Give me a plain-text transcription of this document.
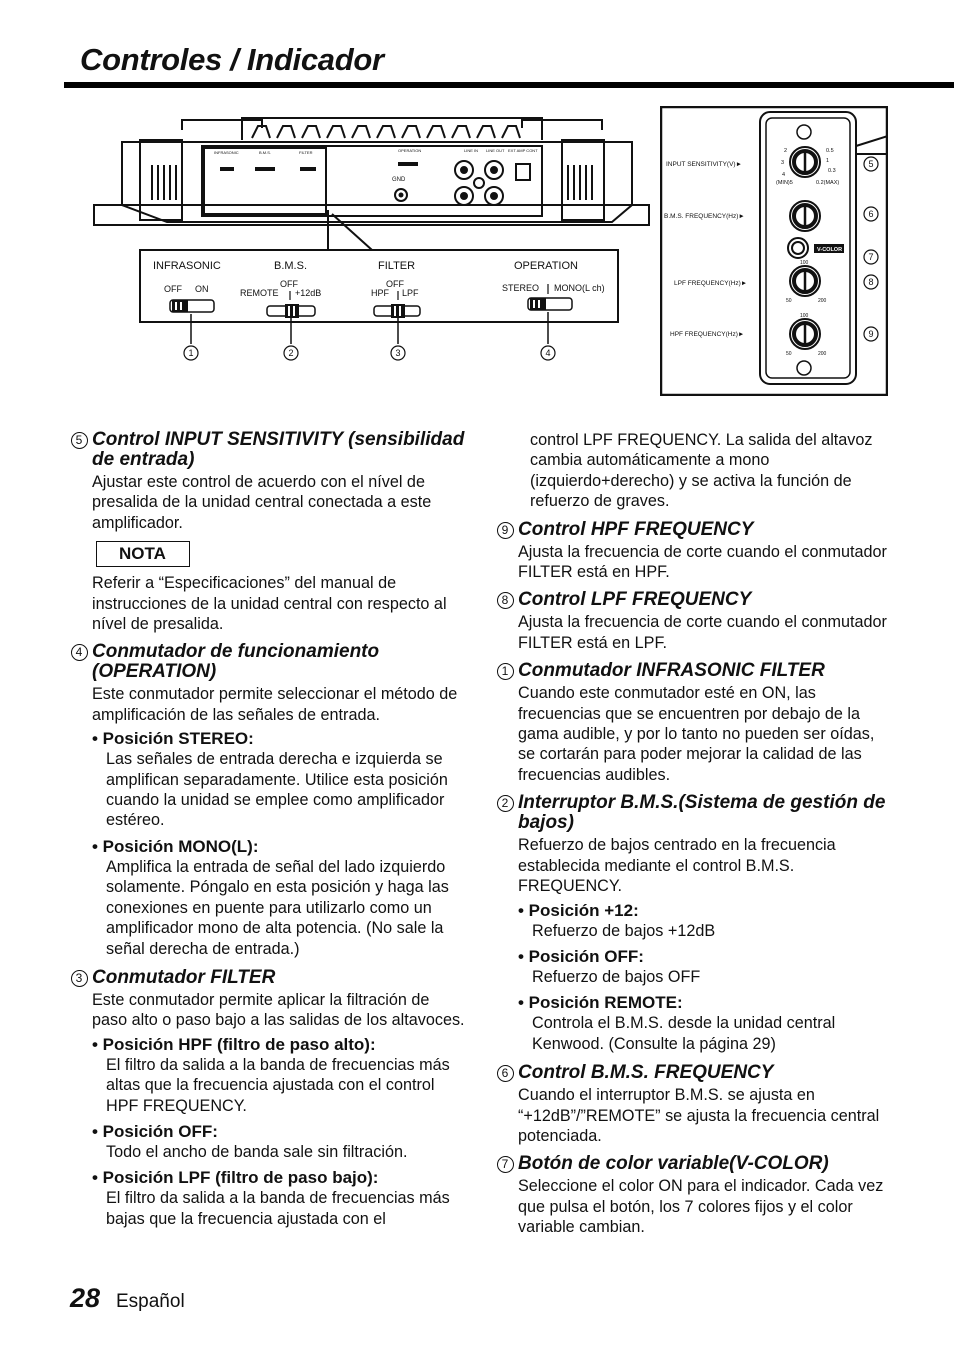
Controles / Indicador
INFRASONIC	B.M.S.	FILTER	OPERATION	LINE IN LINE OUT EXT AMP CONT
GND
INFRASONIC	B.M.S.	FILTER	OPERATION
OFF ON	OFF
REMOTE +12dB
OFF
HPF LPF	STEREO MONO(L ch)
1	2	3	4
INPUT SENSITIVITY(V)►
B.M.S. FREQUENCY(Hz)►
LPF FREQUENCY(Hz)►
HPF FREQUENCY(Hz)►
2	0.5
3	1
0.3
4
(MIN)5	0.2(MAX)
V-COLOR
100
50	200
100
50	200
5
6
7
8
9
5 Control INPUT SENSITIVITY (sensibilidad de entrada)
Ajustar este control de acuerdo con el nível de presalida de la unidad central conectada a este amplificador.
NOTA
Referir a “Especificaciones” del manual de instrucciones de la unidad central con respecto al nível de presalida.
4 Conmutador de funcionamiento (OPERATION)
Este conmutador permite seleccionar el método de amplificación de las señales de entrada.
• Posición STEREO:
Las señales de entrada derecha e izquierda se amplifican separadamente. Utilice esta posición cuando la unidad se emplee como amplificador estéreo.
• Posición MONO(L):
Amplifica la entrada de señal del lado izquierdo solamente. Póngalo en esta posición y haga las conexiones en puente para utilizarlo como un amplificador mono de alta potencia. (No sale la señal derecha de entrada.)
3 Conmutador FILTER
Este conmutador permite aplicar la filtración de paso alto o paso bajo a las salidas de los altavoces.
• Posición HPF (filtro de paso alto):
El filtro da salida a la banda de frecuencias más altas que la frecuencia ajustada con el control HPF FREQUENCY.
• Posición OFF:
Todo el ancho de banda sale sin filtración.
• Posición LPF (filtro de paso bajo):
El filtro da salida a la banda de frecuencias más bajas que la frecuencia ajustada con el
control LPF FREQUENCY. La salida del altavoz cambia automáticamente a mono (izquierdo+derecho) y se activa la función de refuerzo de graves.
9 Control HPF FREQUENCY
Ajusta la frecuencia de corte cuando el conmutador FILTER está en HPF.
8 Control LPF FREQUENCY
Ajusta la frecuencia de corte cuando el conmutador FILTER está en LPF.
1 Conmutador INFRASONIC FILTER
Cuando este conmutador esté en ON, las frecuencias que se encuentren por debajo de la gama audible, y por lo tanto no pueden ser oídas, se cortarán para poder mejorar la calidad de las frecuencias audibles.
2 Interruptor B.M.S.(Sistema de gestión de bajos)
Refuerzo de bajos centrado en la frecuencia establecida mediante el control B.M.S. FREQUENCY.
• Posición +12:
Refuerzo de bajos +12dB
• Posición OFF:
Refuerzo de bajos OFF
• Posición REMOTE:
Controla el B.M.S. desde la unidad central Kenwood. (Consulte la página 29)
6 Control B.M.S. FREQUENCY
Cuando el interruptor B.M.S. se ajusta en “+12dB”/”REMOTE” se ajusta la frecuencia central potenciada.
7 Botón de color variable(V-COLOR)
Seleccione el color ON para el indicador. Cada vez que pulsa el botón, los 7 colores fijos y el color variable cambian.
28 Español
